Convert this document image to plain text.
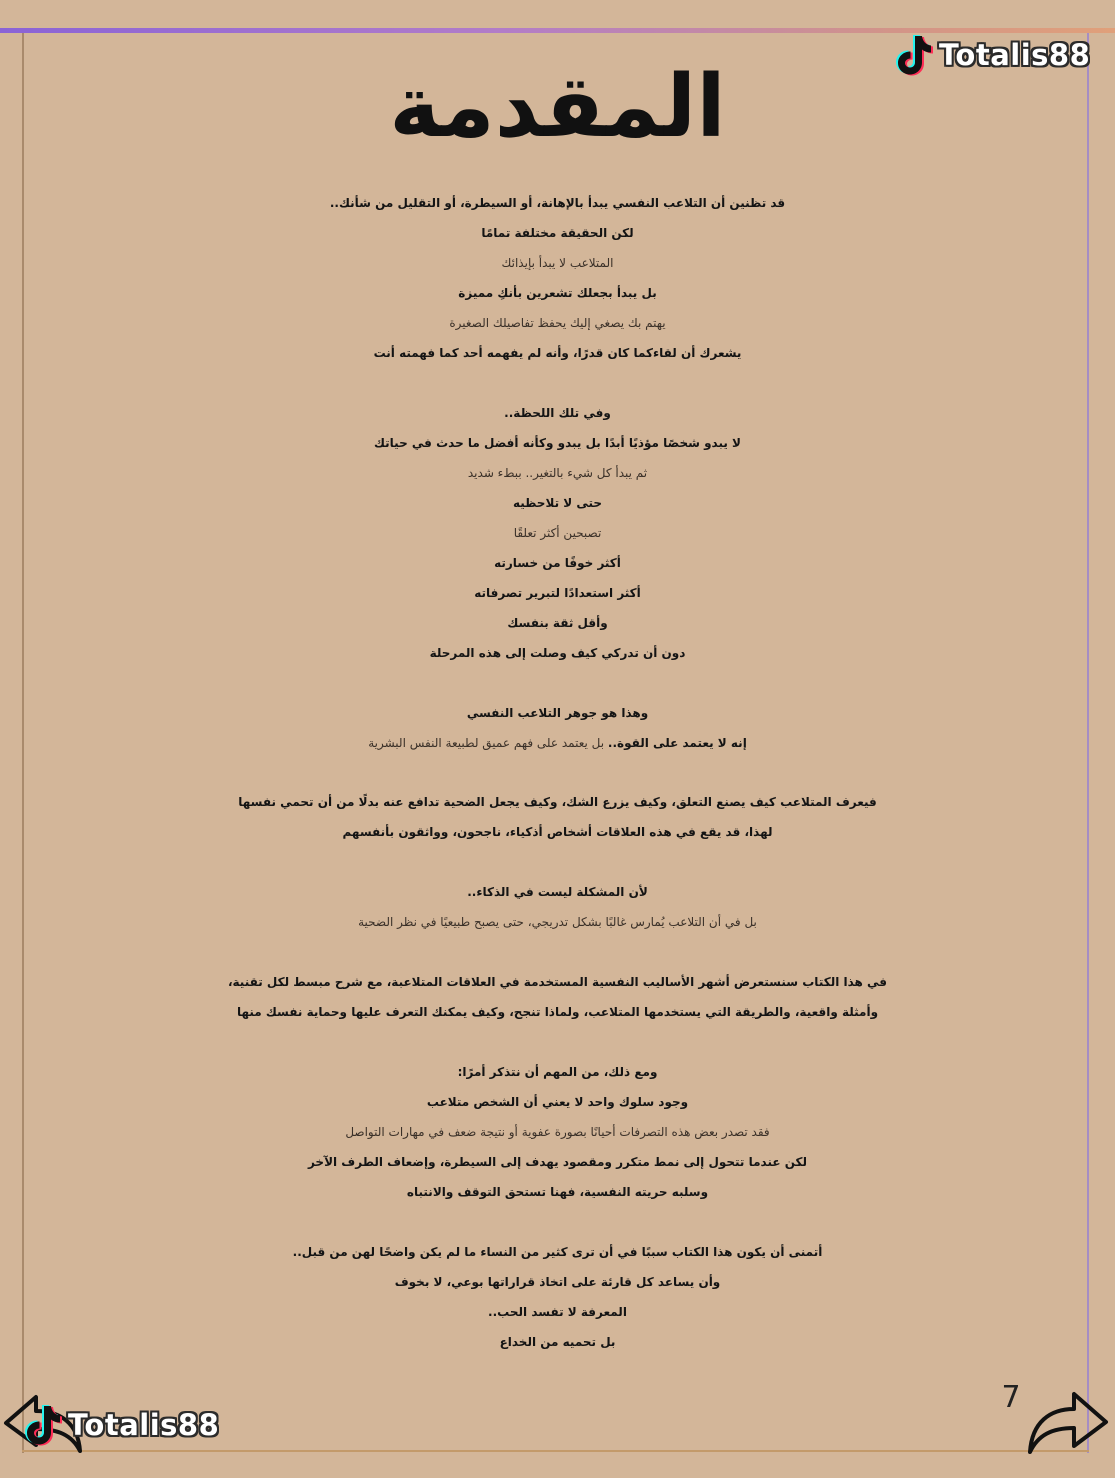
Totalis88
المقدمة
قد تظنين أن التلاعب النفسي يبدأ بالإهانة، أو السيطرة، أو التقليل من شأنك..
لكن الحقيقة مختلفة تمامًا
المتلاعب لا يبدأ بإيذائك
بل يبدأ بجعلك تشعرين بأنكِ مميزة
يهتم بك يصغي إليك يحفظ تفاصيلك الصغيرة
يشعرك أن لقاءكما كان قدرًا، وأنه لم يفهمه أحد كما فهمته أنت
وفي تلك اللحظة..
لا يبدو شخصًا مؤذيًا أبدًا بل يبدو وكأنه أفضل ما حدث في حياتك
ثم يبدأ كل شيء بالتغير.. ببطء شديد
حتى لا تلاحظيه
تصبحين أكثر تعلقًا
أكثر خوفًا من خسارته
أكثر استعدادًا لتبرير تصرفاته
وأقل ثقة بنفسك
دون أن تدركي كيف وصلت إلى هذه المرحلة
وهذا هو جوهر التلاعب النفسي
إنه لا يعتمد على القوة.. بل يعتمد على فهم عميق لطبيعة النفس البشرية
فيعرف المتلاعب كيف يصنع التعلق، وكيف يزرع الشك، وكيف يجعل الضحية تدافع عنه بدلًا من أن تحمي نفسها
لهذا، قد يقع في هذه العلاقات أشخاص أذكياء، ناجحون، وواثقون بأنفسهم
لأن المشكلة ليست في الذكاء..
بل في أن التلاعب يُمارس غالبًا بشكل تدريجي، حتى يصبح طبيعيًا في نظر الضحية
في هذا الكتاب سنستعرض أشهر الأساليب النفسية المستخدمة في العلاقات المتلاعبة، مع شرح مبسط لكل تقنية،
وأمثلة واقعية، والطريقة التي يستخدمها المتلاعب، ولماذا تنجح، وكيف يمكنك التعرف عليها وحماية نفسك منها
ومع ذلك، من المهم أن نتذكر أمرًا:
وجود سلوك واحد لا يعني أن الشخص متلاعب
فقد تصدر بعض هذه التصرفات أحيانًا بصورة عفوية أو نتيجة ضعف في مهارات التواصل
لكن عندما تتحول إلى نمط متكرر ومقصود يهدف إلى السيطرة، وإضعاف الطرف الآخر
وسلبه حريته النفسية، فهنا تستحق التوقف والانتباه
أتمنى أن يكون هذا الكتاب سببًا في أن ترى كثير من النساء ما لم يكن واضحًا لهن من قبل..
وأن يساعد كل قارئة على اتخاذ قراراتها بوعي، لا بخوف
المعرفة لا تفسد الحب..
بل تحميه من الخداع
7
Totalis88
